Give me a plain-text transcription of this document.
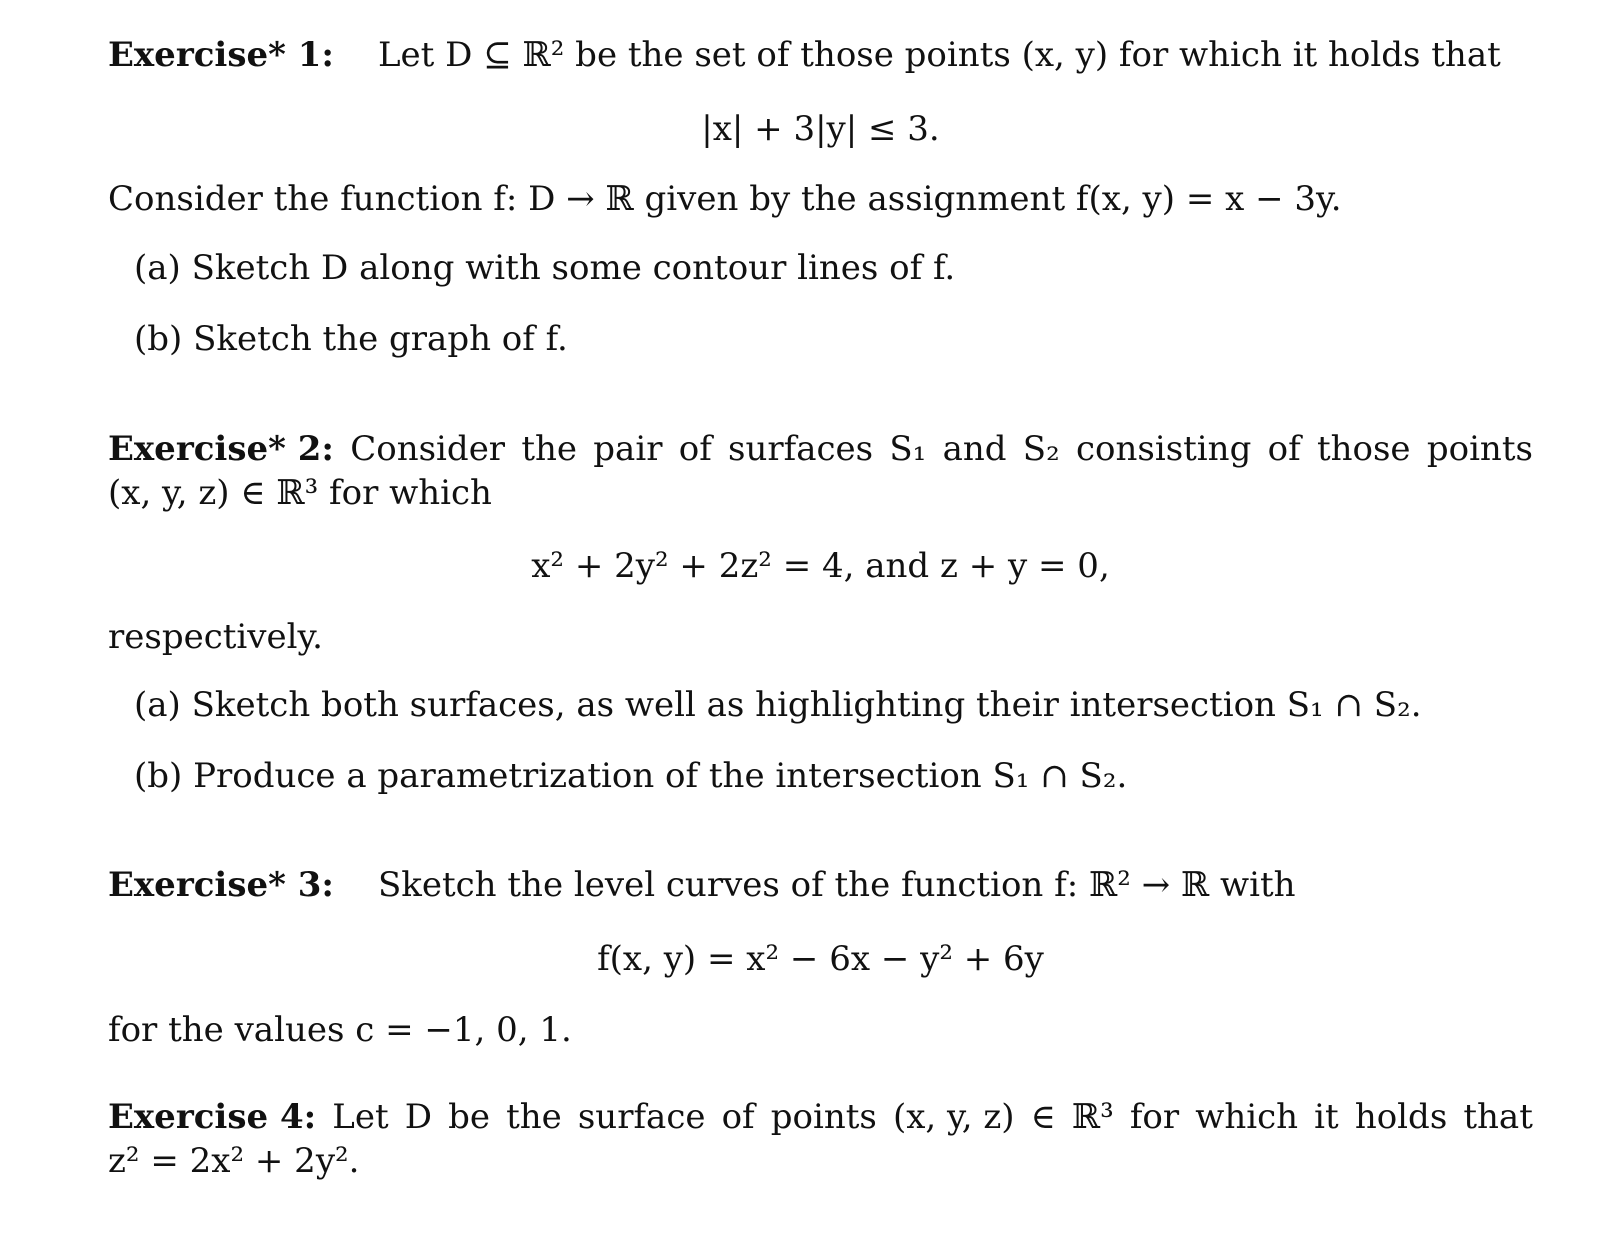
Exercise* 1: Let D ⊆ ℝ² be the set of those points (x, y) for which it holds that
|x| + 3|y| ≤ 3.
Consider the function f: D → ℝ given by the assignment f(x, y) = x − 3y.
(a) Sketch D along with some contour lines of f.
(b) Sketch the graph of f.
Exercise* 2: Consider the pair of surfaces S₁ and S₂ consisting of those points
(x, y, z) ∈ ℝ³ for which
x² + 2y² + 2z² = 4, and z + y = 0,
respectively.
(a) Sketch both surfaces, as well as highlighting their intersection S₁ ∩ S₂.
(b) Produce a parametrization of the intersection S₁ ∩ S₂.
Exercise* 3: Sketch the level curves of the function f: ℝ² → ℝ with
f(x, y) = x² − 6x − y² + 6y
for the values c = −1, 0, 1.
Exercise 4: Let D be the surface of points (x, y, z) ∈ ℝ³ for which it holds that
z² = 2x² + 2y².
